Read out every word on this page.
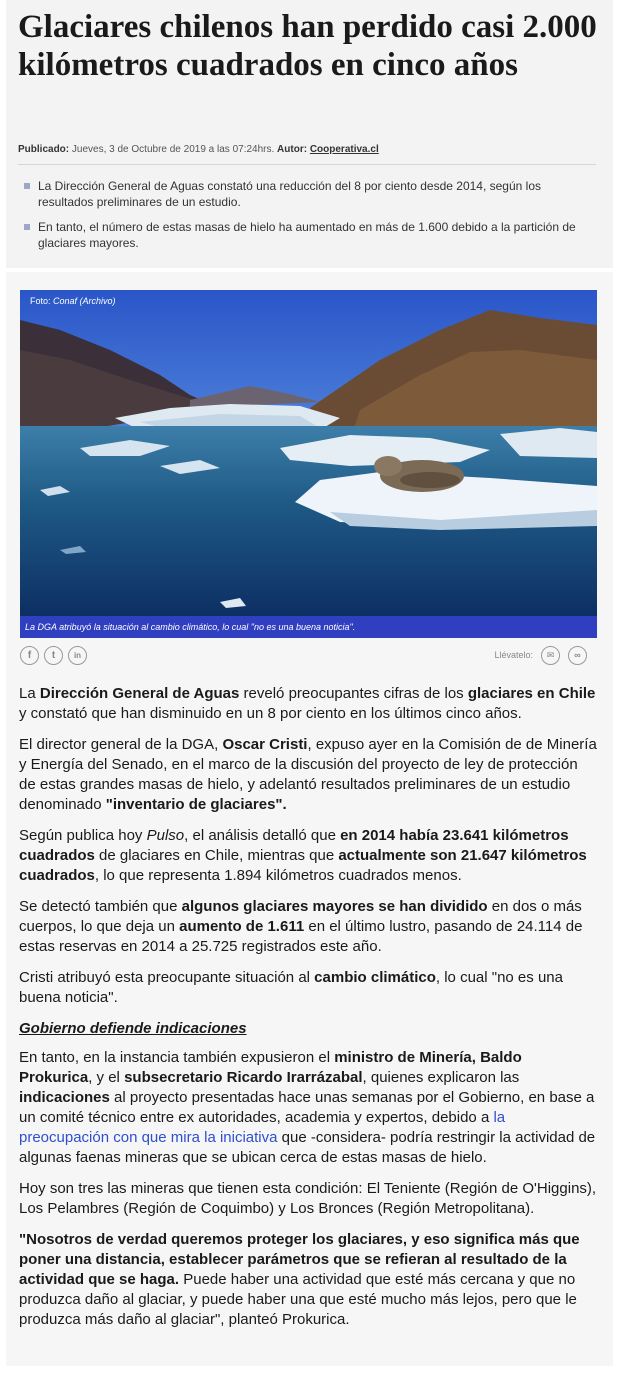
Glaciares chilenos han perdido casi 2.000 kilómetros cuadrados en cinco años
Publicado: Jueves, 3 de Octubre de 2019 a las 07:24hrs. Autor: Cooperativa.cl
La Dirección General de Aguas constató una reducción del 8 por ciento desde 2014, según los resultados preliminares de un estudio.
En tanto, el número de estas masas de hielo ha aumentado en más de 1.600 debido a la partición de glaciares mayores.
Foto: Conaf (Archivo)
La DGA atribuyó la situación al cambio climático, lo cual "no es una buena noticia".
f	t	in	Llévatelo:	✉	∞

La Dirección General de Aguas reveló preocupantes cifras de los glaciares en Chile y constató que han disminuido en un 8 por ciento en los últimos cinco años.

El director general de la DGA, Oscar Cristi, expuso ayer en la Comisión de de Minería y Energía del Senado, en el marco de la discusión del proyecto de ley de protección de estas grandes masas de hielo, y adelantó resultados preliminares de un estudio denominado "inventario de glaciares".

Según publica hoy Pulso, el análisis detalló que en 2014 había 23.641 kilómetros cuadrados de glaciares en Chile, mientras que actualmente son 21.647 kilómetros cuadrados, lo que representa 1.894 kilómetros cuadrados menos.

Se detectó también que algunos glaciares mayores se han dividido en dos o más cuerpos, lo que deja un aumento de 1.611 en el último lustro, pasando de 24.114 de estas reservas en 2014 a 25.725 registrados este año.

Cristi atribuyó esta preocupante situación al cambio climático, lo cual "no es una buena noticia".

Gobierno defiende indicaciones

En tanto, en la instancia también expusieron el ministro de Minería, Baldo Prokurica, y el subsecretario Ricardo Irarrázabal, quienes explicaron las indicaciones al proyecto presentadas hace unas semanas por el Gobierno, en base a un comité técnico entre ex autoridades, academia y expertos, debido a la preocupación con que mira la iniciativa que -considera- podría restringir la actividad de algunas faenas mineras que se ubican cerca de estas masas de hielo.

Hoy son tres las mineras que tienen esta condición: El Teniente (Región de O'Higgins), Los Pelambres (Región de Coquimbo) y Los Bronces (Región Metropolitana).

"Nosotros de verdad queremos proteger los glaciares, y eso significa más que poner una distancia, establecer parámetros que se refieran al resultado de la actividad que se haga. Puede haber una actividad que esté más cercana y que no produzca daño al glaciar, y puede haber una que esté mucho más lejos, pero que le produzca más daño al glaciar", planteó Prokurica.
